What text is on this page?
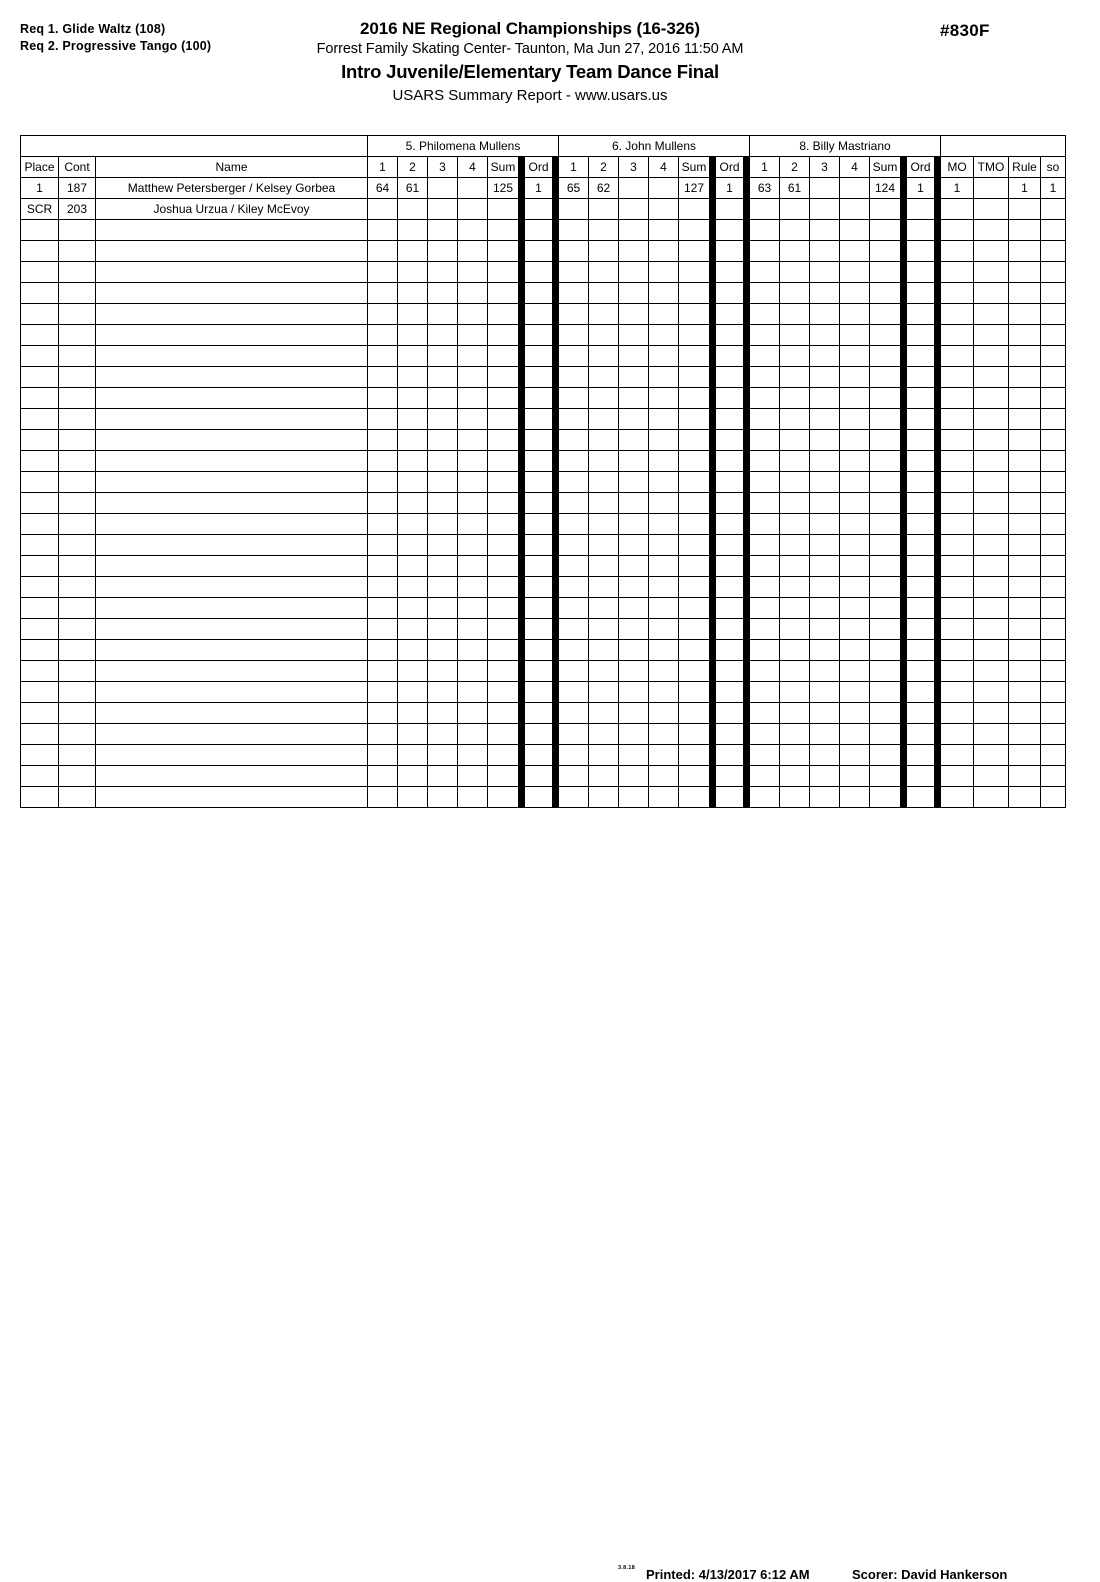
Req 1. Glide Waltz (108)
Req 2. Progressive Tango (100)
2016 NE Regional Championships (16-326)
Forrest Family Skating Center- Taunton, Ma Jun 27, 2016 11:50 AM
Intro Juvenile/Elementary Team Dance Final
USARS Summary Report - www.usars.us
#830F
			5. Philomena Mullens								6. John Mullens								8. Billy Mastriano											
Place	Cont	Name	1	2	3	4	Sum		Ord		1	2	3	4	Sum		Ord		1	2	3	4	Sum		Ord		MO	TMO	Rule	so
1	187	Matthew Petersberger / Kelsey Gorbea	64	61			125		1		65	62			127		1		63	61			124		1		1		1	1
SCR	203	Joshua Urzua / Kiley McEvoy																												

3.8.18 Printed: 4/13/2017 6:12 AM	Scorer: David Hankerson
